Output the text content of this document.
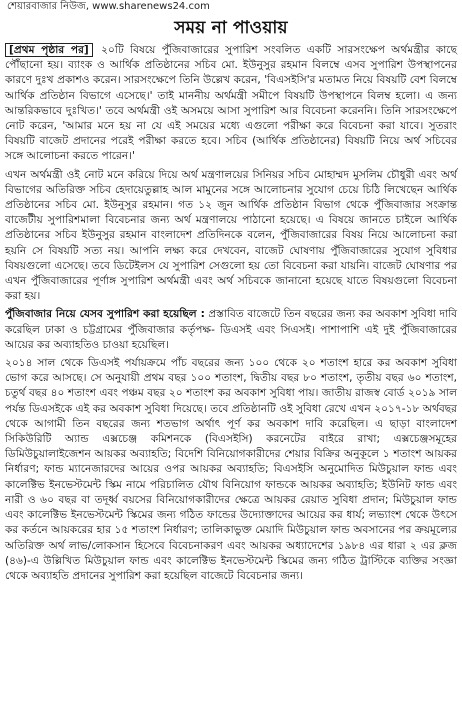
শেয়ারবাজার নিউজ, www.sharenews24.com
সময় না পাওয়ায়

[প্রথম পৃষ্ঠার পর] ২০টি বিষয়ে পুঁজিবাজারের সুপারিশ সংবলিত একটি সারসংক্ষেপ অর্থমন্ত্রীর কাছে পৌঁছানো হয়। ব্যাংক ও আর্থিক প্রতিষ্ঠানের সচিব মো. ইউনুসুর রহমান বিলম্বে এসব সুপারিশ উপস্থাপনের কারণে দুঃখ প্রকাশও করেন। সারসংক্ষেপে তিনি উল্লেখ করেন, 'বিএসইসি'র মতামত নিয়ে বিষয়টি বেশ বিলম্বে আর্থিক প্রতিষ্ঠান বিভাগে এসেছে।' তাই মাননীয় অর্থমন্ত্রী সমীপে বিষয়টি উপস্থাপনে বিলম্ব হলো। এ জন্য আন্তরিকভাবে দুঃখিত।' তবে অর্থমন্ত্রী ওই অসময়ে আসা সুপারিশ আর বিবেচনা করেননি। তিনি সারসংক্ষেপে নোট করেন, 'আমার মনে হয় না যে এই সময়ের মধ্যে এগুলো পরীক্ষা করে বিবেচনা করা যাবে। সুতরাং বিষয়টি বাজেট প্রদানের পরেই পরীক্ষা করতে হবে। সচিব (আর্থিক প্রতিষ্ঠানের) বিষয়টি নিয়ে অর্থ সচিবের সঙ্গে আলোচনা করতে পারেন।'

এখন অর্থমন্ত্রী ওই নোট মনে করিয়ে দিয়ে অর্থ মন্ত্রণালয়ের সিনিয়র সচিব মোহাম্মদ মুসলিম চৌধুরী এবং অর্থ বিভাগের অতিরিক্ত সচিব হেদায়েতুল্লাহ আল মামুনের সঙ্গে আলোচনার সুযোগ চেয়ে চিঠি লিখেছেন আর্থিক প্রতিষ্ঠানের সচিব মো. ইউনুসুর রহমান। গত ১২ জুন আর্থিক প্রতিষ্ঠান বিভাগ থেকে পুঁজিবাজার সংক্রান্ত বাজেটীয় সুপারিশমালা বিবেচনার জন্য অর্থ মন্ত্রণালয়ে পাঠানো হয়েছে। এ বিষয়ে জানতে চাইলে আর্থিক প্রতিষ্ঠানের সচিব ইউনুসুর রহমান বাংলাদেশ প্রতিদিনকে বলেন, পুঁজিবাজারের বিষয় নিয়ে আলোচনা করা হয়নি সে বিষয়টি সত্য নয়। আপনি লক্ষ্য করে দেখবেন, বাজেট ঘোষণায় পুঁজিবাজারের সুযোগ সুবিধার বিষয়গুলো এসেছে। তবে ডিটেইলস যে সুপারিশ সেগুলো হয় তো বিবেচনা করা যায়নি। বাজেট ঘোষণার পর এখন পুঁজিবাজারের পূর্ণাঙ্গ সুপারিশ অর্থমন্ত্রী এবং অর্থ সচিবকে জানানো হয়েছে যাতে বিষয়গুলো বিবেচনা করা হয়।

পুঁজিবাজার নিয়ে যেসব সুপারিশ করা হয়েছিল : প্রস্তাবিত বাজেটে তিন বছরের জন্য কর অবকাশ সুবিধা দাবি করেছিল ঢাকা ও চট্টগ্রামের পুঁজিবাজার কর্তৃপক্ষ- ডিএসই এবং সিএসই। পাশাপাশি এই দুই পুঁজিবাজারের আয়ের কর অব্যাহতিও চাওয়া হয়েছিল।

২০১৪ সাল থেকে ডিএসই পর্যায়ক্রমে পাঁচ বছরের জন্য ১০০ থেকে ২০ শতাংশ হারে কর অবকাশ সুবিধা ভোগ করে আসছে। সে অনুযায়ী প্রথম বছর ১০০ শতাংশ, দ্বিতীয় বছর ৮০ শতাংশ, তৃতীয় বছর ৬০ শতাংশ, চতুর্থ বছর ৪০ শতাংশ এবং পঞ্চম বছর ২০ শতাংশ কর অবকাশ সুবিধা পায়। জাতীয় রাজস্ব বোর্ড ২০১৯ সাল পর্যন্ত ডিএসইকে এই কর অবকাশ সুবিধা দিয়েছে। তবে প্রতিষ্ঠানটি ওই সুবিধা রেখে এখন ২০১৭-১৮ অর্থবছর থেকে আগামী তিন বছরের জন্য শতভাগ অর্থাৎ পূর্ণ কর অবকাশ দাবি করেছিল। এ ছাড়া বাংলাদেশ সিকিউরিটি অ্যান্ড এক্সচেঞ্জ কমিশনকে (বিএসইসি) করনেটের বাইরে রাখা; এক্সচেঞ্জসমূহের ডিমিউচুয়ালাইজেশন আয়কর অব্যাহতি; বিদেশি বিনিয়োগকারীদের শেয়ার বিক্রির অনুকূলে ১ শতাংশ আয়কর নির্ধারণ; ফান্ড ম্যানেজারদের আয়ের ওপর আয়কর অব্যাহতি; বিএসইসি অনুমোদিত মিউচুয়াল ফান্ড এবং কালেক্টিভ ইনভেস্টমেন্ট স্কিম নামে পরিচালিত যৌথ বিনিয়োগ ফান্ডকে আয়কর অব্যাহতি; ইউনিট ফান্ড এবং নারী ও ৬০ বছর বা তদূর্ধ্ব বয়সের বিনিয়োগকারীদের ক্ষেত্রে আয়কর রেয়াত সুবিধা প্রদান; মিউচুয়াল ফান্ড এবং কালেক্টিভ ইনভেস্টমেন্ট স্কিমের জন্য গঠিত ফান্ডের উদ্যোক্তাদের আয়ের কর ধার্য; লভ্যাংশ থেকে উৎসে কর কর্তনে আয়করের হার ১৫ শতাংশ নির্ধারণ; তালিকাভুক্ত মেয়াদি মিউচুয়াল ফান্ড অবসানের পর ক্রয়মূল্যের অতিরিক্ত অর্থ লাভ/লোকসান হিসেবে বিবেচনাকরণ এবং আয়কর অধ্যাদেশের ১৯৮৪ এর ধারা ২ এর ক্লজ (৪৬)-এ উল্লিখিত মিউচুয়াল ফান্ড এবং কালেক্টিভ ইনভেস্টমেন্ট স্কিমের জন্য গঠিত ট্রাস্টিকে ব্যক্তির সংজ্ঞা থেকে অব্যাহতি প্রদানের সুপারিশ করা হয়েছিল বাজেটে বিবেচনার জন্য।
